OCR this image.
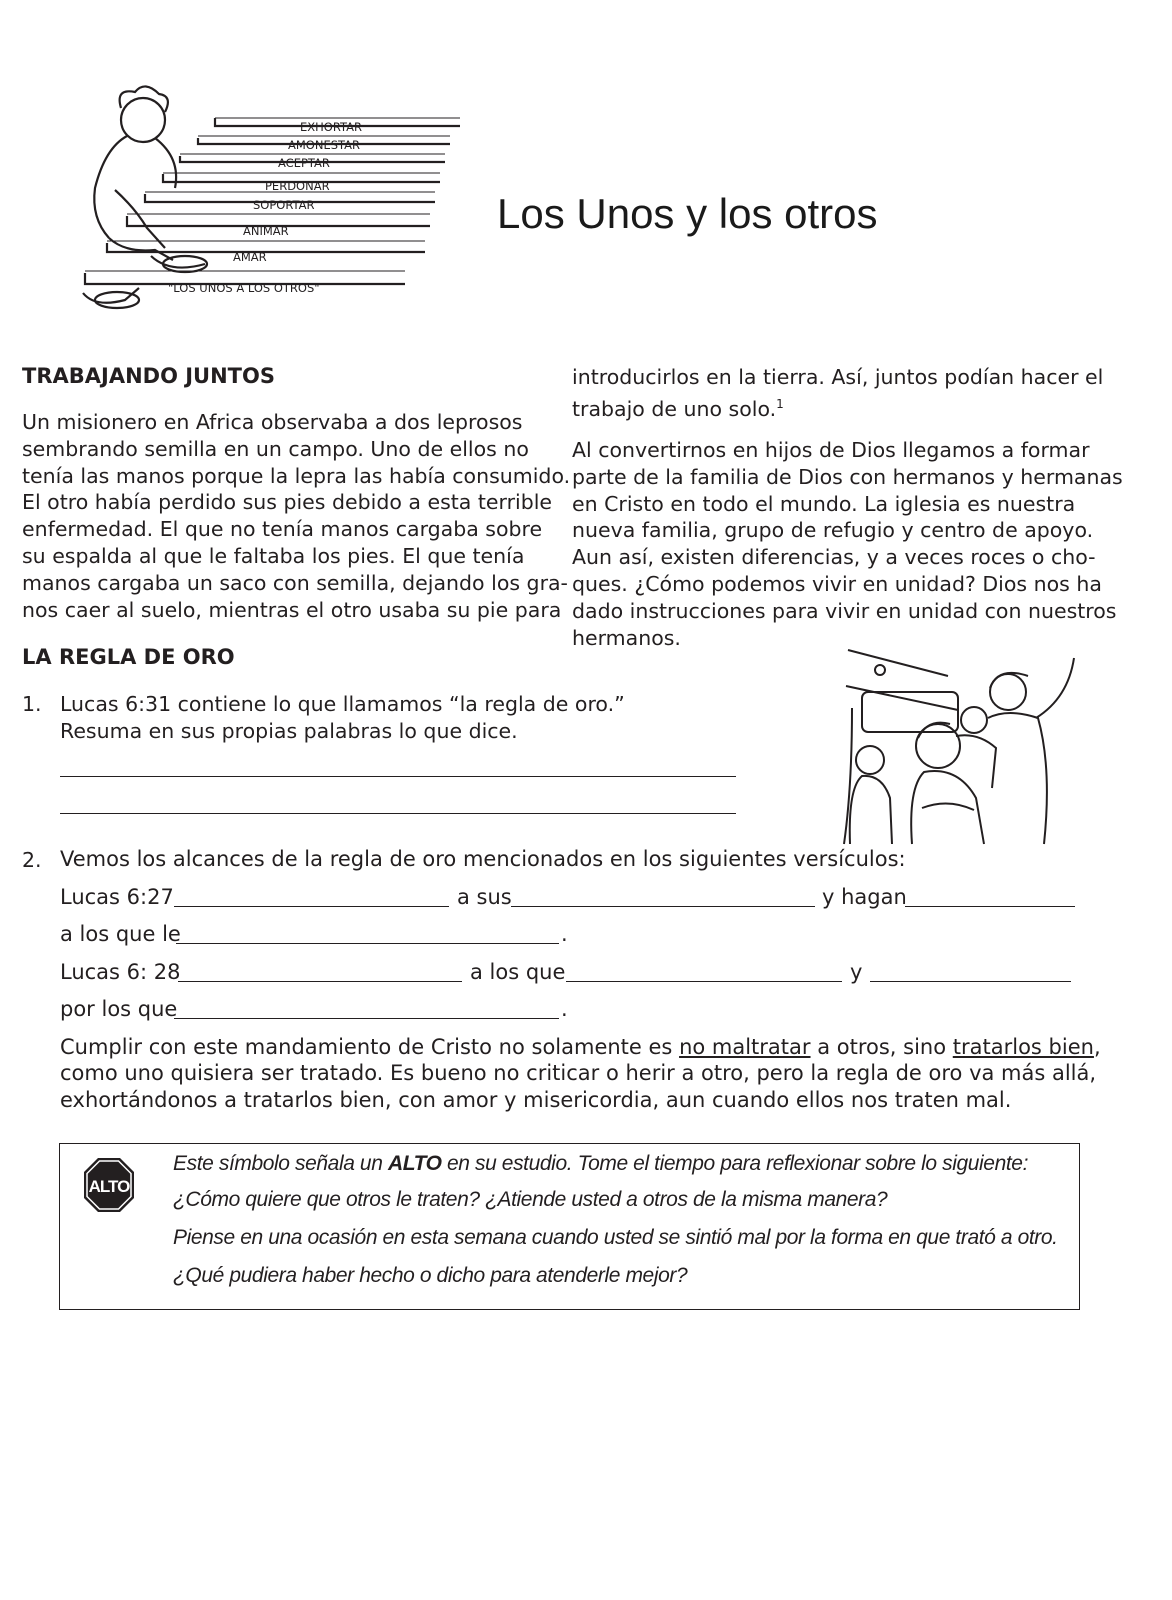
Los Unos y los otros
EXHORTAR
AMONESTAR
ACEPTAR
PERDONAR
SOPORTAR
ANIMAR
AMAR
"LOS UNOS A LOS OTROS"
TRABAJANDO JUNTOS
Un misionero en Africa observaba a dos leprosos
sembrando semilla en un campo. Uno de ellos no
tenía las manos porque la lepra las había consumido.
El otro había perdido sus pies debido a esta terrible
enfermedad. El que no tenía manos cargaba sobre
su espalda al que le faltaba los pies. El que tenía
manos cargaba un saco con semilla, dejando los gra-
nos caer al suelo, mientras el otro usaba su pie para
introducirlos en la tierra. Así, juntos podían hacer el
trabajo de uno solo.$^1$
Al convertirnos en hijos de Dios llegamos a formar
parte de la familia de Dios con hermanos y hermanas
en Cristo en todo el mundo. La iglesia es nuestra
nueva familia, grupo de refugio y centro de apoyo.
Aun así, existen diferencias, y a veces roces o cho-
ques. ¿Cómo podemos vivir en unidad? Dios nos ha
dado instrucciones para vivir en unidad con nuestros
hermanos.
LA REGLA DE ORO
1. Lucas 6:31 contiene lo que llamamos “la regla de oro.”
Resuma en sus propias palabras lo que dice.
2. Vemos los alcances de la regla de oro mencionados en los siguientes versículos:
Lucas 6:27	a sus	y hagan
a los que le	.
Lucas 6: 28	a los que	y
por los que	.
Cumplir con este mandamiento de Cristo no solamente es no maltratar a otros, sino tratarlos bien,
como uno quisiera ser tratado. Es bueno no criticar o herir a otro, pero la regla de oro va más allá,
exhortándonos a tratarlos bien, con amor y misericordia, aun cuando ellos nos traten mal.
ALTO
Este símbolo señala un ALTO en su estudio. Tome el tiempo para reflexionar sobre lo siguiente:
¿Cómo quiere que otros le traten? ¿Atiende usted a otros de la misma manera?
Piense en una ocasión en esta semana cuando usted se sintió mal por la forma en que trató a otro.
¿Qué pudiera haber hecho o dicho para atenderle mejor?
